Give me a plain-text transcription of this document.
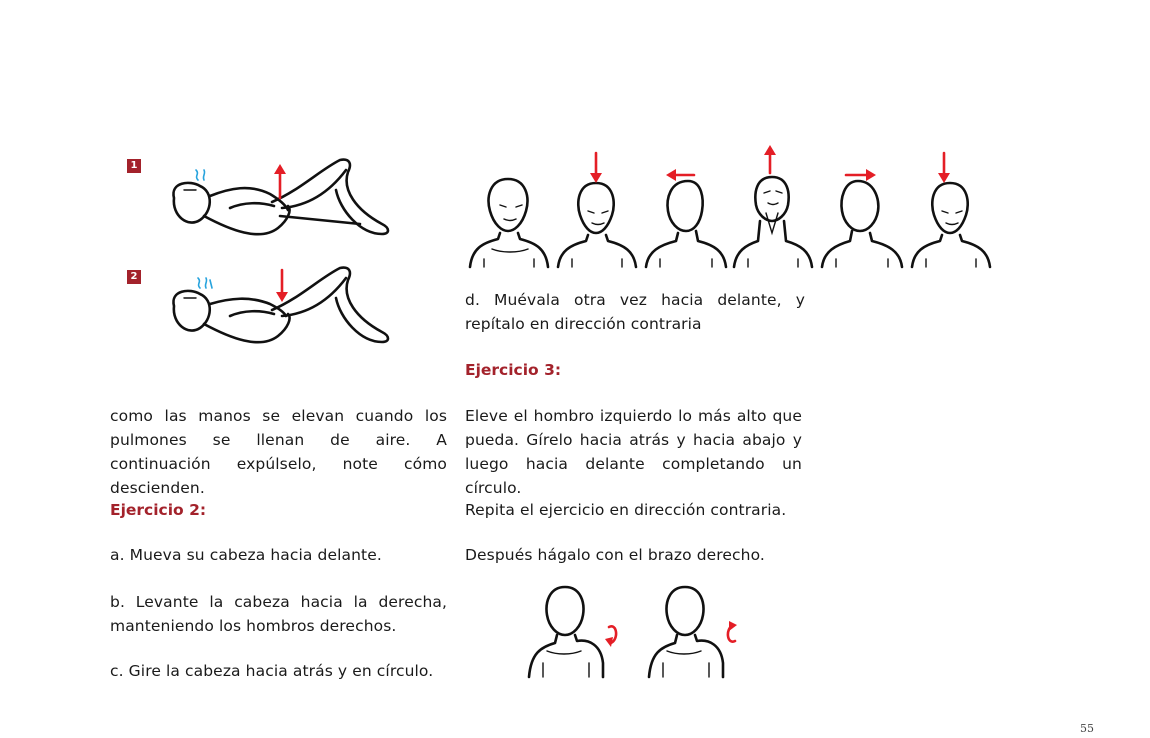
1
2
d. Muévala otra vez hacia delante, y repítalo en dirección contraria
Ejercicio 3:
Eleve el hombro izquierdo lo más alto que pueda. Gírelo hacia atrás y hacia abajo y luego hacia delante completando un círculo.
Repita el ejercicio en dirección contraria.
Después hágalo con el brazo derecho.
como las manos se elevan cuando los pulmones se llenan de aire. A continuación expúlselo, note cómo descienden.
Ejercicio 2:
a. Mueva su cabeza hacia delante.
b. Levante la cabeza hacia la derecha, manteniendo los hombros derechos.
c. Gire la cabeza hacia atrás y en círculo.
55
